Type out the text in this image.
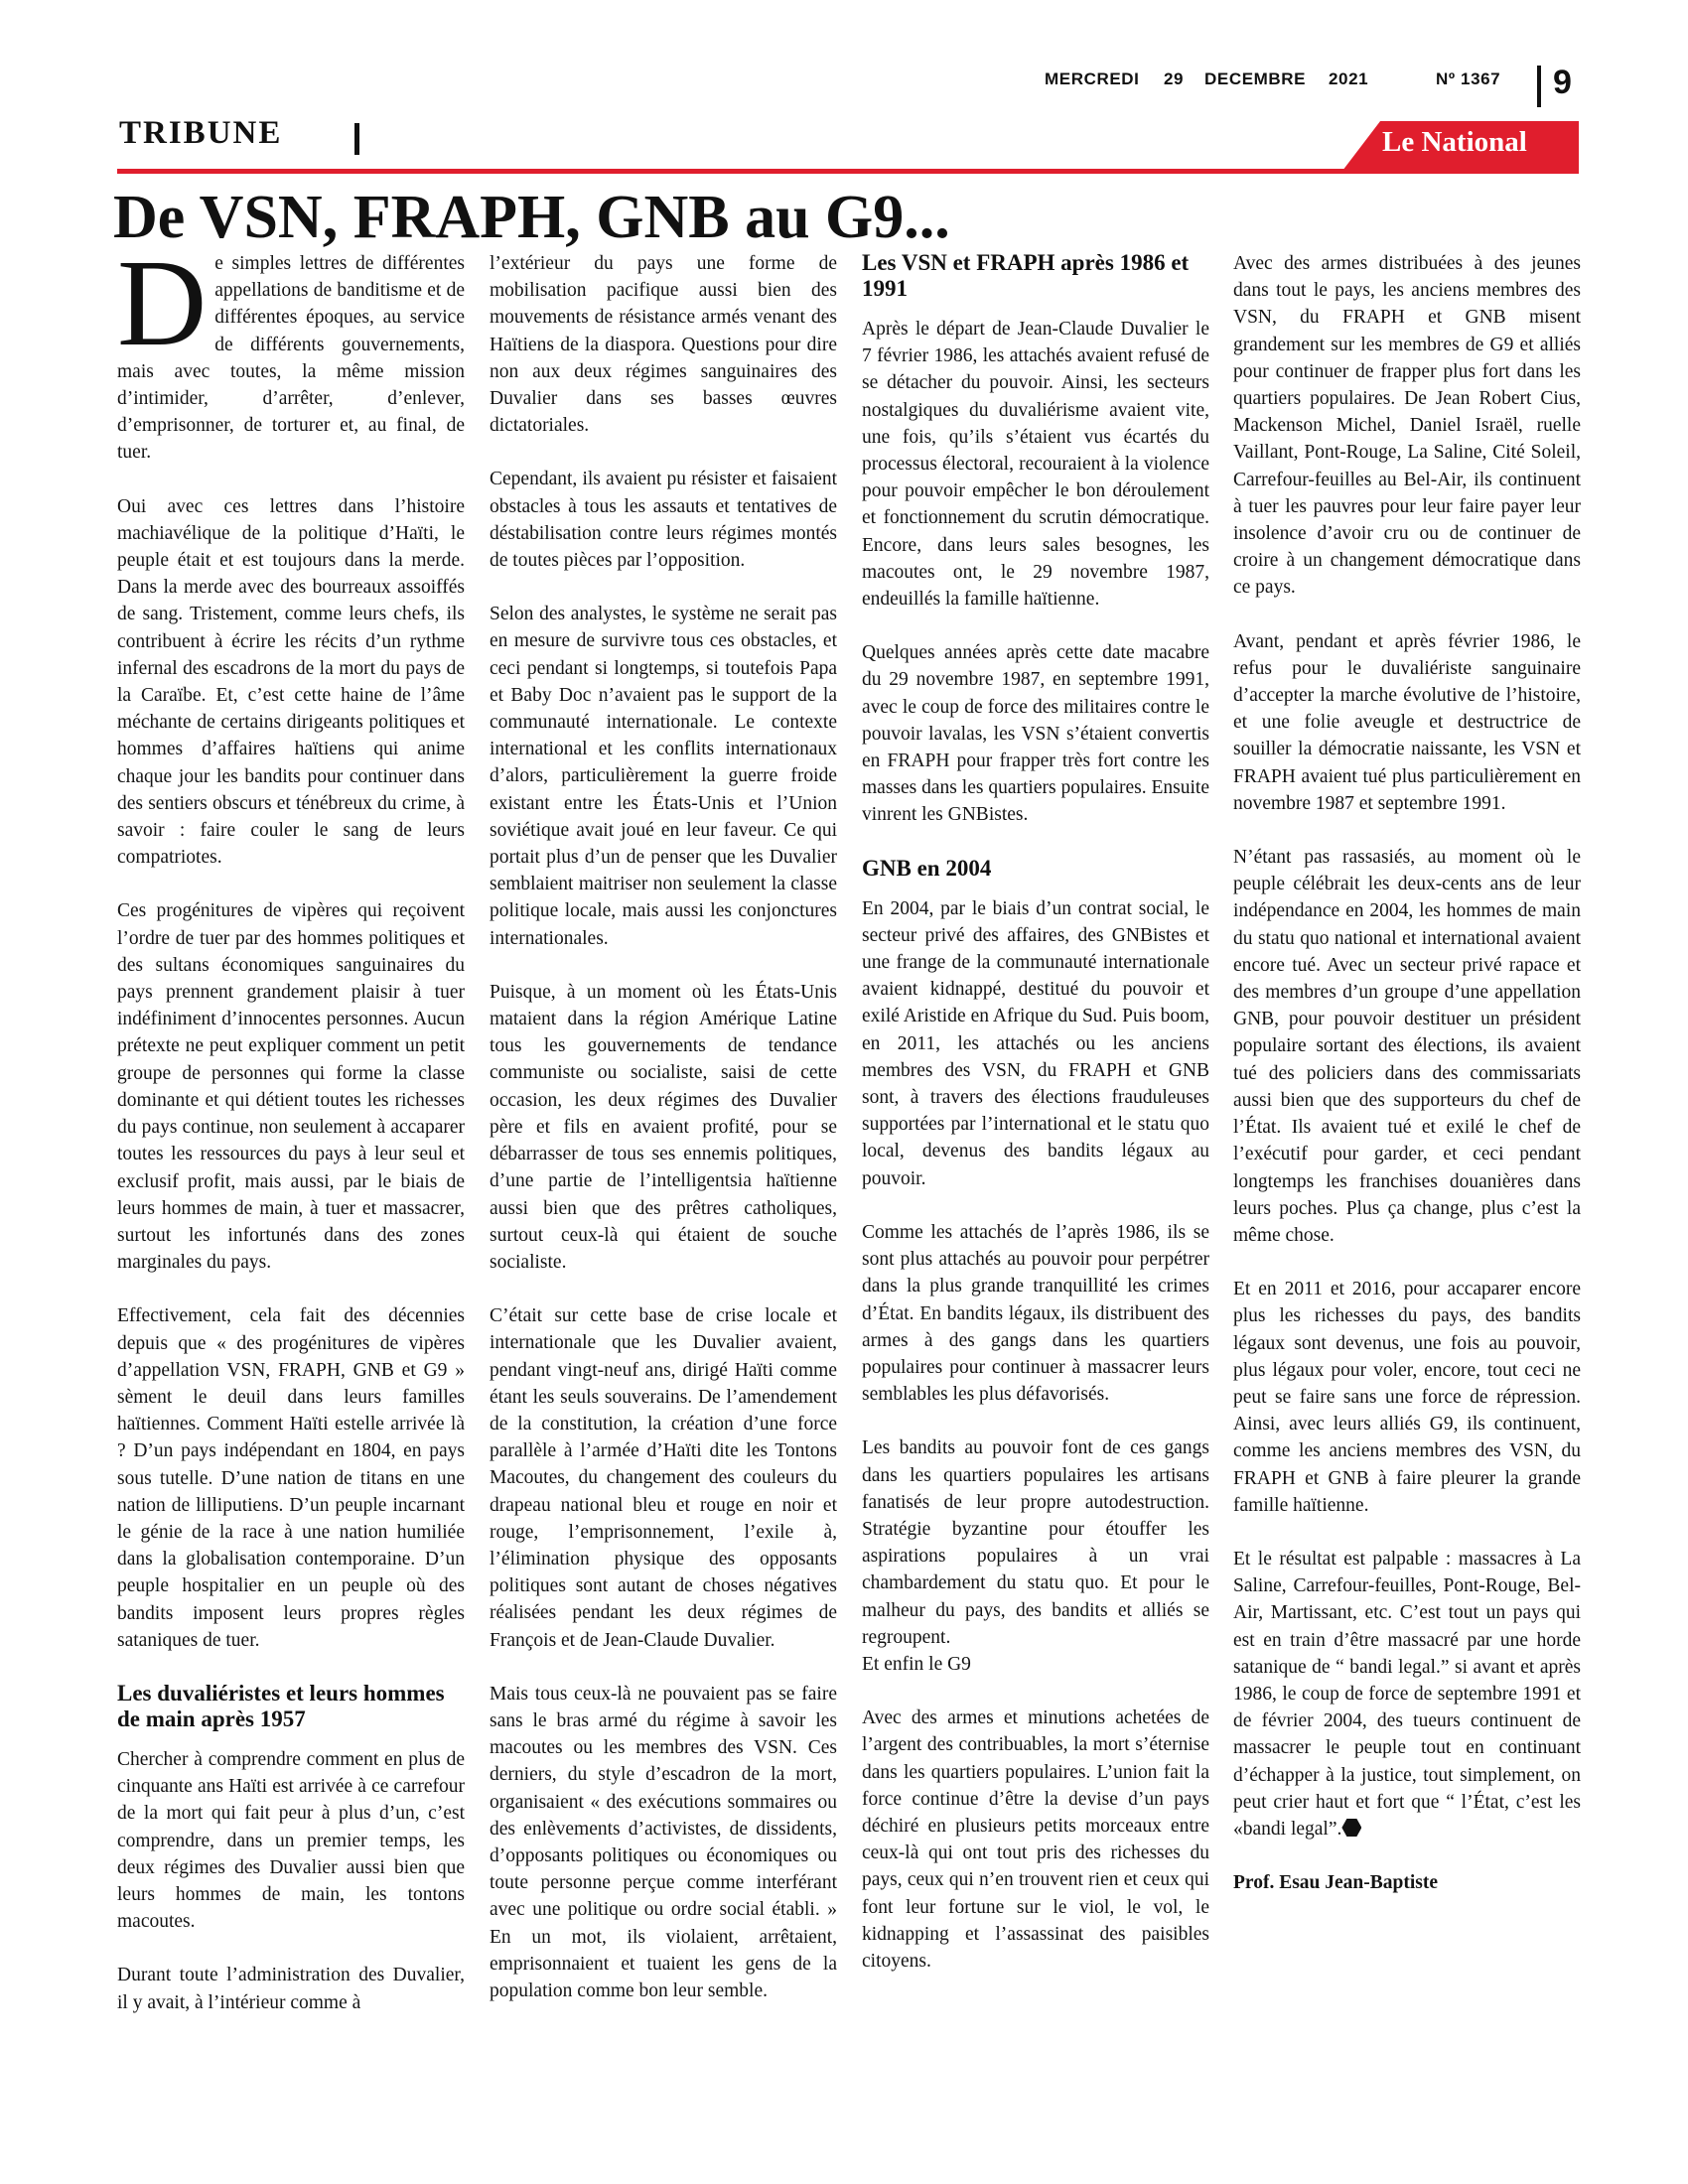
MERCREDI 29 DECEMBRE 2021	Nº 1367 9
TRIBUNE	Le National
De VSN, FRAPH, GNB au G9...

De simples lettres de différentes appellations de banditisme et de différentes époques, au service de différents gouvernements, mais avec toutes, la même mission d’intimider, d’arrêter, d’enlever, d’emprisonner, de torturer et, au final, de tuer.

Oui avec ces lettres dans l’histoire machiavélique de la politique d’Haïti, le peuple était et est toujours dans la merde. Dans la merde avec des bourreaux assoiffés de sang. Tristement, comme leurs chefs, ils contribuent à écrire les récits d’un rythme infernal des escadrons de la mort du pays de la Caraïbe. Et, c’est cette haine de l’âme méchante de certains dirigeants politiques et hommes d’affaires haïtiens qui anime chaque jour les bandits pour continuer dans des sentiers obscurs et ténébreux du crime, à savoir : faire couler le sang de leurs compatriotes.

Ces progénitures de vipères qui reçoivent l’ordre de tuer par des hommes politiques et des sultans économiques sanguinaires du pays prennent grandement plaisir à tuer indéfiniment d’innocentes personnes. Aucun prétexte ne peut expliquer comment un petit groupe de personnes qui forme la classe dominante et qui détient toutes les richesses du pays continue, non seulement à accaparer toutes les ressources du pays à leur seul et exclusif profit, mais aussi, par le biais de leurs hommes de main, à tuer et massacrer, surtout les infortunés dans des zones marginales du pays.

Effectivement, cela fait des décennies depuis que « des progénitures de vipères d’appellation VSN, FRAPH, GNB et G9 » sèment le deuil dans leurs familles haïtiennes. Comment Haïti estelle arrivée là ? D’un pays indépendant en 1804, en pays sous tutelle. D’une nation de titans en une nation de lilliputiens. D’un peuple incarnant le génie de la race à une nation humiliée dans la globalisation contemporaine. D’un peuple hospitalier en un peuple où des bandits imposent leurs propres règles sataniques de tuer.

Les duvaliéristes et leurs hommes de main après 1957

Chercher à comprendre comment en plus de cinquante ans Haïti est arrivée à ce carrefour de la mort qui fait peur à plus d’un, c’est comprendre, dans un premier temps, les deux régimes des Duvalier aussi bien que leurs hommes de main, les tontons macoutes.

Durant toute l’administration des Duvalier, il y avait, à l’intérieur comme à

l’extérieur du pays une forme de mobilisation pacifique aussi bien des mouvements de résistance armés venant des Haïtiens de la diaspora. Questions pour dire non aux deux régimes sanguinaires des Duvalier dans ses basses œuvres dictatoriales.

Cependant, ils avaient pu résister et faisaient obstacles à tous les assauts et tentatives de déstabilisation contre leurs régimes montés de toutes pièces par l’opposition.

Selon des analystes, le système ne serait pas en mesure de survivre tous ces obstacles, et ceci pendant si longtemps, si toutefois Papa et Baby Doc n’avaient pas le support de la communauté internationale. Le contexte international et les conflits internationaux d’alors, particulièrement la guerre froide existant entre les États-Unis et l’Union soviétique avait joué en leur faveur. Ce qui portait plus d’un de penser que les Duvalier semblaient maitriser non seulement la classe politique locale, mais aussi les conjonctures internationales.

Puisque, à un moment où les États-Unis mataient dans la région Amérique Latine tous les gouvernements de tendance communiste ou socialiste, saisi de cette occasion, les deux régimes des Duvalier père et fils en avaient profité, pour se débarrasser de tous ses ennemis politiques, d’une partie de l’intelligentsia haïtienne aussi bien que des prêtres catholiques, surtout ceux-là qui étaient de souche socialiste.

C’était sur cette base de crise locale et internationale que les Duvalier avaient, pendant vingt-neuf ans, dirigé Haïti comme étant les seuls souverains. De l’amendement de la constitution, la création d’une force parallèle à l’armée d’Haïti dite les Tontons Macoutes, du changement des couleurs du drapeau national bleu et rouge en noir et rouge, l’emprisonnement, l’exile à, l’élimination physique des opposants politiques sont autant de choses négatives réalisées pendant les deux régimes de François et de Jean-Claude Duvalier.

Mais tous ceux-là ne pouvaient pas se faire sans le bras armé du régime à savoir les macoutes ou les membres des VSN. Ces derniers, du style d’escadron de la mort, organisaient « des exécutions sommaires ou des enlèvements d’activistes, de dissidents, d’opposants politiques ou économiques ou toute personne perçue comme interférant avec une politique ou ordre social établi. » En un mot, ils violaient, arrêtaient, emprisonnaient et tuaient les gens de la population comme bon leur semble.

Les VSN et FRAPH après 1986 et 1991

Après le départ de Jean-Claude Duvalier le 7 février 1986, les attachés avaient refusé de se détacher du pouvoir. Ainsi, les secteurs nostalgiques du duvaliérisme avaient vite, une fois, qu’ils s’étaient vus écartés du processus électoral, recouraient à la violence pour pouvoir empêcher le bon déroulement et fonctionnement du scrutin démocratique. Encore, dans leurs sales besognes, les macoutes ont, le 29 novembre 1987, endeuillés la famille haïtienne.

Quelques années après cette date macabre du 29 novembre 1987, en septembre 1991, avec le coup de force des militaires contre le pouvoir lavalas, les VSN s’étaient convertis en FRAPH pour frapper très fort contre les masses dans les quartiers populaires. Ensuite vinrent les GNBistes.

GNB en 2004

En 2004, par le biais d’un contrat social, le secteur privé des affaires, des GNBistes et une frange de la communauté internationale avaient kidnappé, destitué du pouvoir et exilé Aristide en Afrique du Sud. Puis boom, en 2011, les attachés ou les anciens membres des VSN, du FRAPH et GNB sont, à travers des élections frauduleuses supportées par l’international et le statu quo local, devenus des bandits légaux au pouvoir.

Comme les attachés de l’après 1986, ils se sont plus attachés au pouvoir pour perpétrer dans la plus grande tranquillité les crimes d’État. En bandits légaux, ils distribuent des armes à des gangs dans les quartiers populaires pour continuer à massacrer leurs semblables les plus défavorisés.

Les bandits au pouvoir font de ces gangs dans les quartiers populaires les artisans fanatisés de leur propre autodestruction. Stratégie byzantine pour étouffer les aspirations populaires à un vrai chambardement du statu quo. Et pour le malheur du pays, des bandits et alliés se regroupent.

Et enfin le G9

Avec des armes et minutions achetées de l’argent des contribuables, la mort s’éternise dans les quartiers populaires. L’union fait la force continue d’être la devise d’un pays déchiré en plusieurs petits morceaux entre ceux-là qui ont tout pris des richesses du pays, ceux qui n’en trouvent rien et ceux qui font leur fortune sur le viol, le vol, le kidnapping et l’assassinat des paisibles citoyens.

Avec des armes distribuées à des jeunes dans tout le pays, les anciens membres des VSN, du FRAPH et GNB misent grandement sur les membres de G9 et alliés pour continuer de frapper plus fort dans les quartiers populaires. De Jean Robert Cius, Mackenson Michel, Daniel Israël, ruelle Vaillant, Pont-Rouge, La Saline, Cité Soleil, Carrefour-feuilles au Bel-Air, ils continuent à tuer les pauvres pour leur faire payer leur insolence d’avoir cru ou de continuer de croire à un changement démocratique dans ce pays.

Avant, pendant et après février 1986, le refus pour le duvaliériste sanguinaire d’accepter la marche évolutive de l’histoire, et une folie aveugle et destructrice de souiller la démocratie naissante, les VSN et FRAPH avaient tué plus particulièrement en novembre 1987 et septembre 1991.

N’étant pas rassasiés, au moment où le peuple célébrait les deux-cents ans de leur indépendance en 2004, les hommes de main du statu quo national et international avaient encore tué. Avec un secteur privé rapace et des membres d’un groupe d’une appellation GNB, pour pouvoir destituer un président populaire sortant des élections, ils avaient tué des policiers dans des commissariats aussi bien que des supporteurs du chef de l’État. Ils avaient tué et exilé le chef de l’exécutif pour garder, et ceci pendant longtemps les franchises douanières dans leurs poches. Plus ça change, plus c’est la même chose.

Et en 2011 et 2016, pour accaparer encore plus les richesses du pays, des bandits légaux sont devenus, une fois au pouvoir, plus légaux pour voler, encore, tout ceci ne peut se faire sans une force de répression. Ainsi, avec leurs alliés G9, ils continuent, comme les anciens membres des VSN, du FRAPH et GNB à faire pleurer la grande famille haïtienne.

Et le résultat est palpable : massacres à La Saline, Carrefour-feuilles, Pont-Rouge, Bel-Air, Martissant, etc. C’est tout un pays qui est en train d’être massacré par une horde satanique de “ bandi legal.” si avant et après 1986, le coup de force de septembre 1991 et de février 2004, des tueurs continuent de massacrer le peuple tout en continuant d’échapper à la justice, tout simplement, on peut crier haut et fort que “ l’État, c’est les «bandi legal”.

Prof. Esau Jean-Baptiste
